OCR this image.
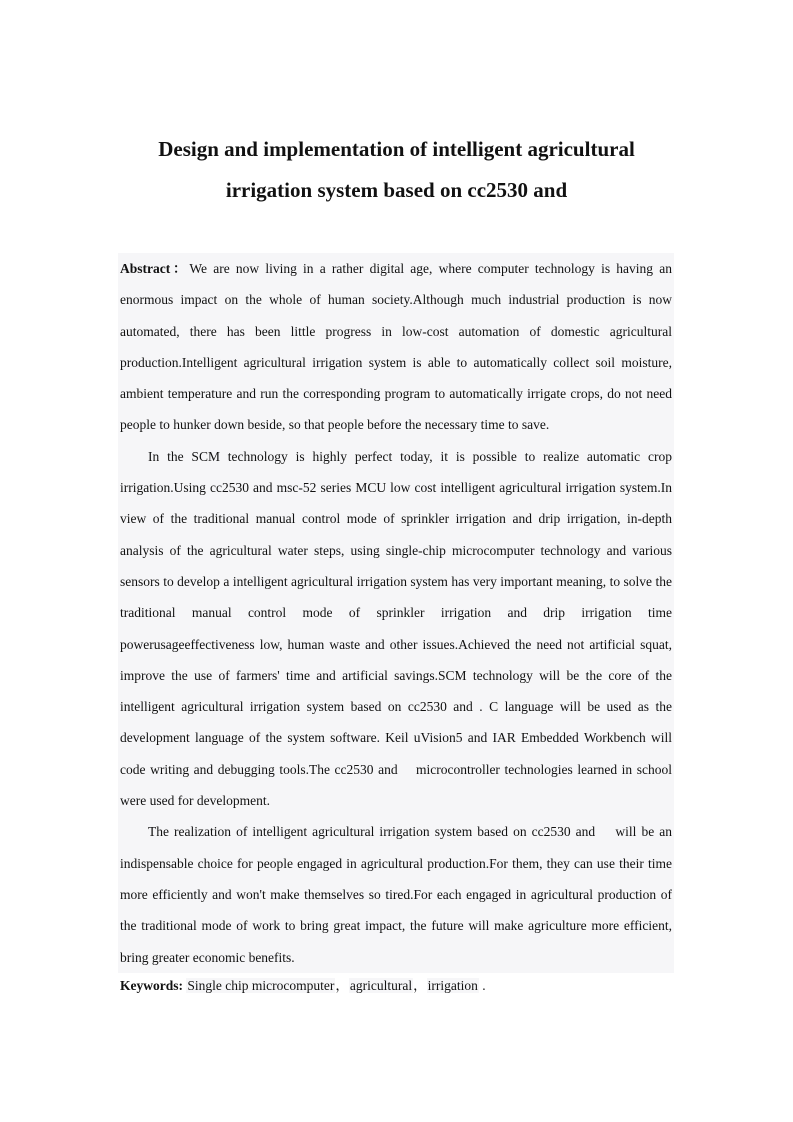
Design and implementation of intelligent agricultural
irrigation system based on cc2530 and

Abstract：We are now living in a rather digital age, where computer technology is having an enormous impact on the whole of human society.Although much industrial production is now automated, there has been little progress in low-cost automation of domestic agricultural production.Intelligent agricultural irrigation system is able to automatically collect soil moisture, ambient temperature and run the corresponding program to automatically irrigate crops, do not need people to hunker down beside, so that people before the necessary time to save.

In the SCM technology is highly perfect today, it is possible to realize automatic crop irrigation.Using cc2530 and msc-52 series MCU low cost intelligent agricultural irrigation system.In view of the traditional manual control mode of sprinkler irrigation and drip irrigation, in-depth analysis of the agricultural water steps, using single-chip microcomputer technology and various sensors to develop a intelligent agricultural irrigation system has very important meaning, to solve the traditional manual control mode of sprinkler irrigation and drip irrigation time powerusageeffectiveness low, human waste and other issues.Achieved the need not artificial squat, improve the use of farmers' time and artificial savings.SCM technology will be the core of the intelligent agricultural irrigation system based on cc2530 and . C language will be used as the development language of the system software. Keil uVision5 and IAR Embedded Workbench will code writing and debugging tools.The cc2530 and    microcontroller technologies learned in school were used for development.

The realization of intelligent agricultural irrigation system based on cc2530 and    will be an indispensable choice for people engaged in agricultural production.For them, they can use their time more efficiently and won't make themselves so tired.For each engaged in agricultural production of the traditional mode of work to bring great impact, the future will make agriculture more efficient, bring greater economic benefits.

Keywords: Single chip microcomputer，agricultural，irrigation .
